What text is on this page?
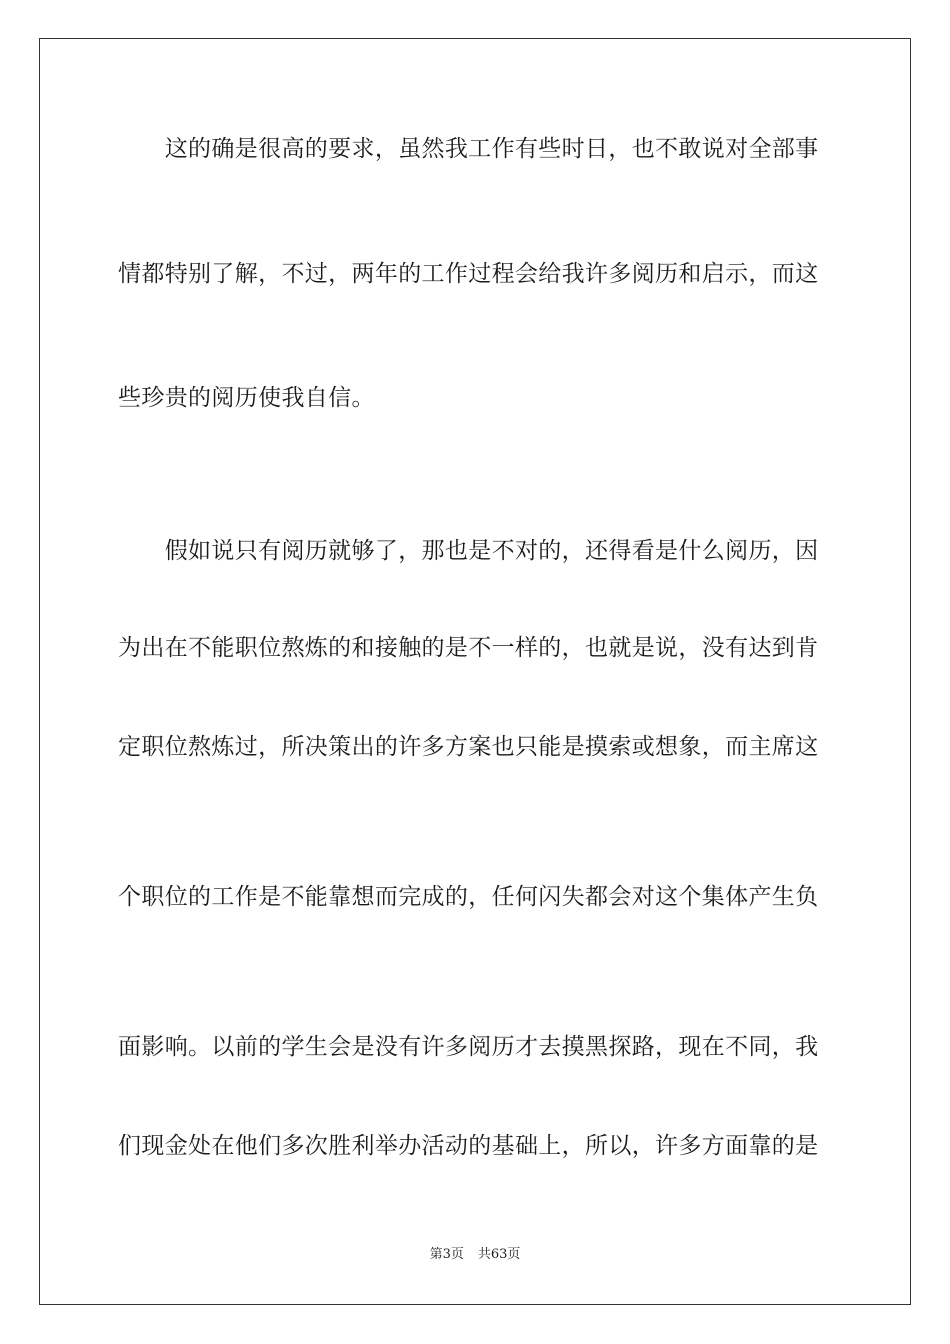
　　这的确是很高的要求，虽然我工作有些时日，也不敢说对全部事
情都特别了解，不过，两年的工作过程会给我许多阅历和启示，而这
些珍贵的阅历使我自信。
　　假如说只有阅历就够了，那也是不对的，还得看是什么阅历，因
为出在不能职位熬炼的和接触的是不一样的，也就是说，没有达到肯
定职位熬炼过，所决策出的许多方案也只能是摸索或想象，而主席这
个职位的工作是不能靠想而完成的，任何闪失都会对这个集体产生负
面影响。以前的学生会是没有许多阅历才去摸黑探路，现在不同，我
们现金处在他们多次胜利举办活动的基础上，所以，许多方面靠的是
第3页 共63页
